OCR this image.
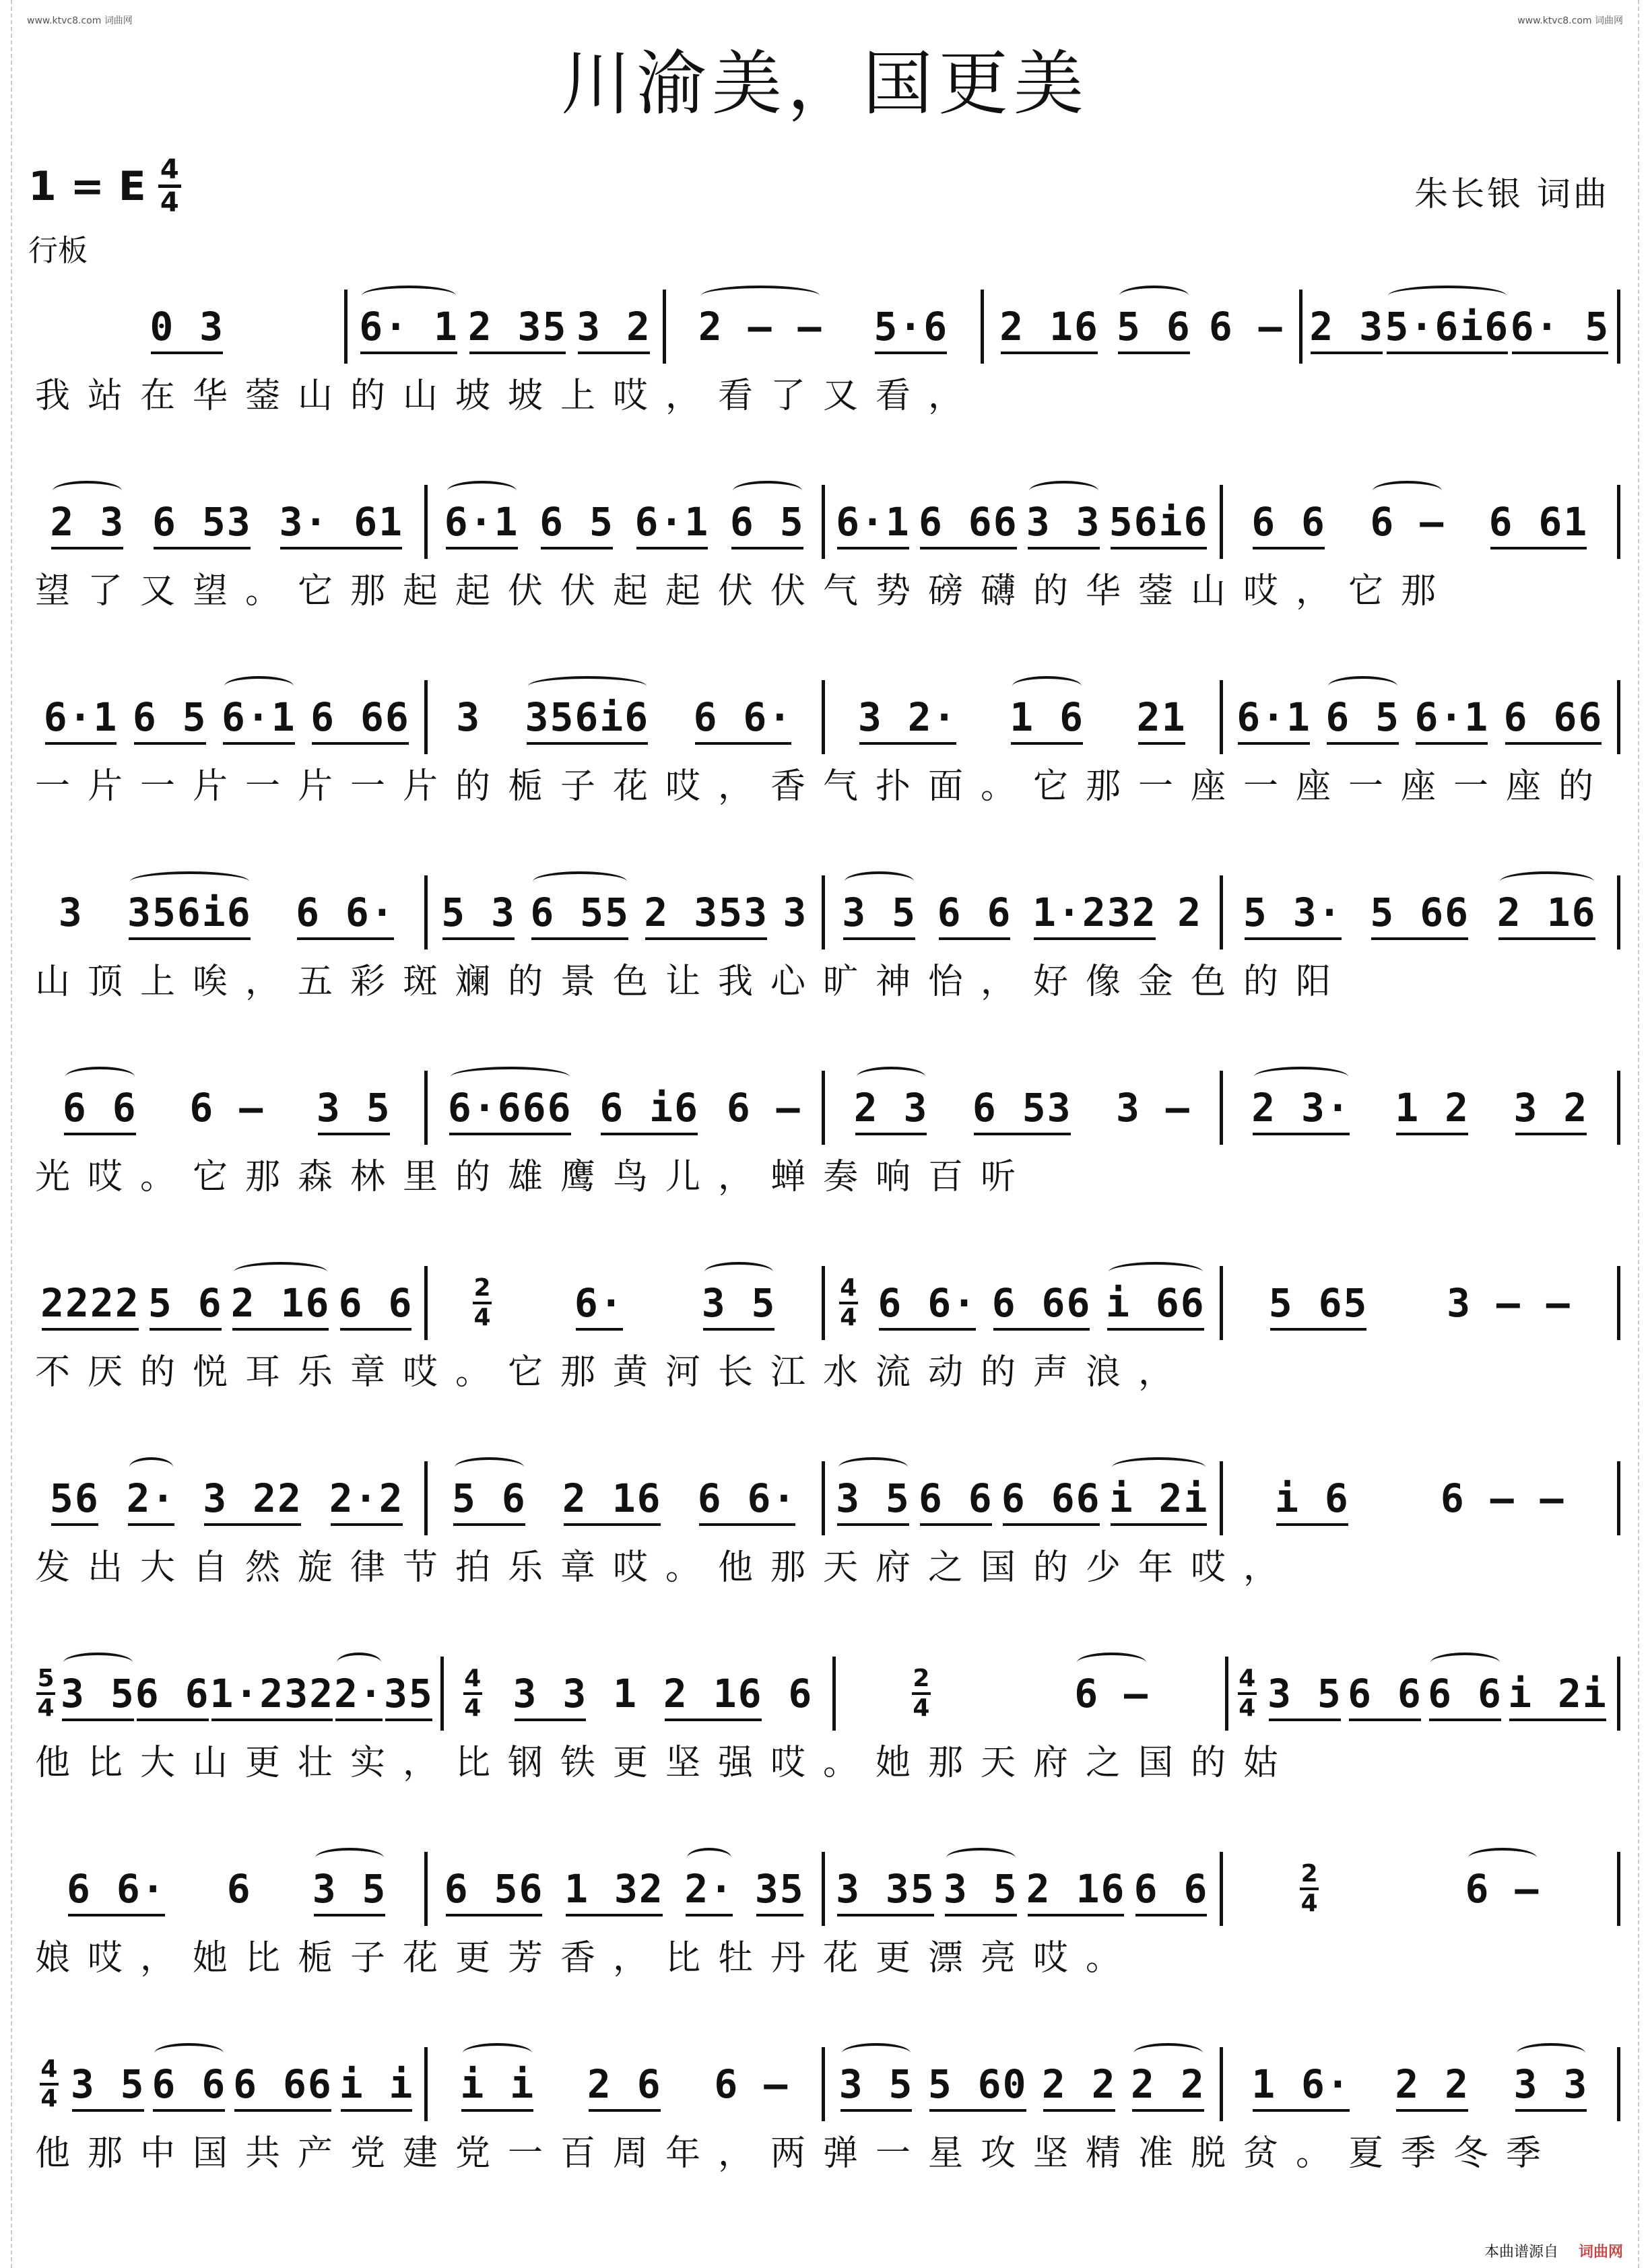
www.ktvc8.com 词曲网	www.ktvc8.com 词曲网
川渝美，国更美
1 = E 4
4	朱长银 词曲
行板
0 3	6· 1 2 35 3 2 2 – – 5·6 2 16 5 6 6 – 2 3 5·6i6 6· 5
我站在华蓥山的山坡坡上哎，看了又看，
2 3 6 53 3· 61 6·1 6 5 6·1 6 5 6·1 6 66 3 3 56i6 6 6 6 – 6 61
望了又望。它那起起伏伏起起伏伏气势磅礴的华蓥山哎，它那
6·1 6 5 6·1 6 66 3 356i6 6 6· 3 2· 1 6 21 6·1 6 5 6·1 6 66
一片一片一片一片的栀子花哎，香气扑面。它那一座一座一座一座的
3 356i6 6 6· 5 3 6 55 2 353 3 3 5 6 6 1·232 2 5 3· 5 66 2 16
山顶上唉，五彩斑斓的景色让我心旷神怡，好像金色的阳
6 6 6 – 3 5 6·666 6 i6 6 – 2 3 6 53 3 – 2 3· 1 2 3 2
光哎。它那森林里的雄鹰鸟儿，蝉奏响百听
2222 5 6 2 16 6 6	2
4 6· 3 5	4
4 6 6· 6 66 i 66 5 65 3 – –
不厌的悦耳乐章哎。它那黄河长江水流动的声浪，
56 2· 3 22 2·2 5 6 2 16 6 6· 3 5 6 6 6 66 i 2i i 6 6 – –
发出大自然旋律节拍乐章哎。他那天府之国的少年哎，
5
4 3 5 6 6 1·232 2· 35 4
4 3 3 1 2 16 6	2
4	6 –	4
4 3 5 6 6 6 6 i 2i
他比大山更壮实，比钢铁更坚强哎。她那天府之国的姑
6 6· 6 3 5 6 56 1 32 2· 35 3 35 3 5 2 16 6 6	2
4	6 –
娘哎，她比栀子花更芳香，比牡丹花更漂亮哎。
4
4 3 5 6 6 6 66 i i i i 2 6 6 – 3 5 5 60 2 2 2 2 1 6· 2 2 3 3
他那中国共产党建党一百周年，两弹一星攻坚精准脱贫。夏季冬季
本曲谱源自 词曲网
